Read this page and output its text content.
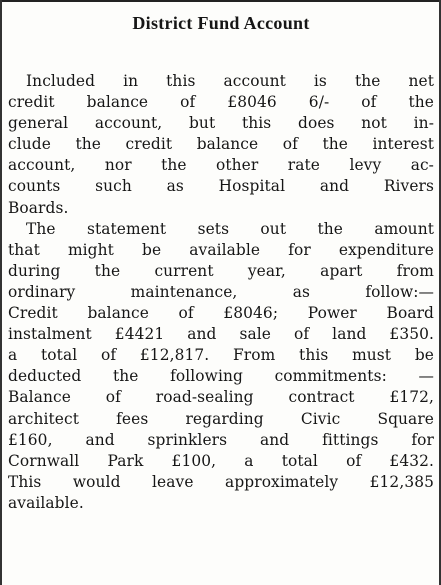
District Fund Account
Included in this account is the net
credit balance of £8046 6/- of the
general account, but this does not in-
clude the credit balance of the interest
account, nor the other rate levy ac-
counts such as Hospital and Rivers
Boards.
The statement sets out the amount
that might be available for expenditure
during the current year, apart from
ordinary maintenance, as follow:—
Credit balance of £8046; Power Board
instalment £4421 and sale of land £350.
a total of £12,817. From this must be
deducted the following commitments: —
Balance of road-sealing contract £172,
architect fees regarding Civic Square
£160, and sprinklers and fittings for
Cornwall Park £100, a total of £432.
This would leave approximately £12,385
available.
